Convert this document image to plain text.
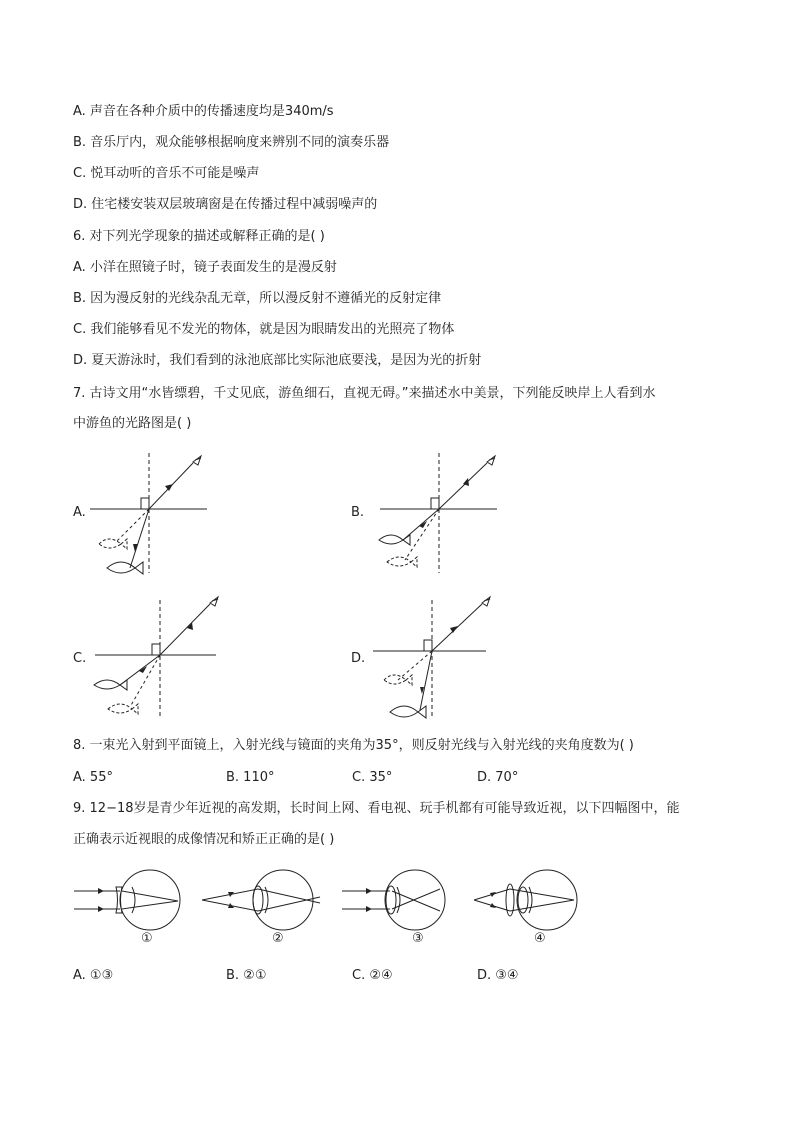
A. 声音在各种介质中的传播速度均是340m/s
B. 音乐厅内，观众能够根据响度来辨别不同的演奏乐器
C. 悦耳动听的音乐不可能是噪声
D. 住宅楼安装双层玻璃窗是在传播过程中减弱噪声的
6. 对下列光学现象的描述或解释正确的是( )
A. 小洋在照镜子时，镜子表面发生的是漫反射
B. 因为漫反射的光线杂乱无章，所以漫反射不遵循光的反射定律
C. 我们能够看见不发光的物体，就是因为眼睛发出的光照亮了物体
D. 夏天游泳时，我们看到的泳池底部比实际池底要浅，是因为光的折射
7. 古诗文用“水皆缥碧，千丈见底，游鱼细石，直视无碍。”来描述水中美景，下列能反映岸上人看到水
中游鱼的光路图是( )
A.	B.
C.	D.
8. 一束光入射到平面镜上，入射光线与镜面的夹角为35°，则反射光线与入射光线的夹角度数为( )
A. 55°	B. 110°	C. 35°	D. 70°
9. 12−18岁是青少年近视的高发期，长时间上网、看电视、玩手机都有可能导致近视，以下四幅图中，能
正确表示近视眼的成像情况和矫正正确的是( )
①	②	③	④
A. ①③	B. ②①	C. ②④	D. ③④
